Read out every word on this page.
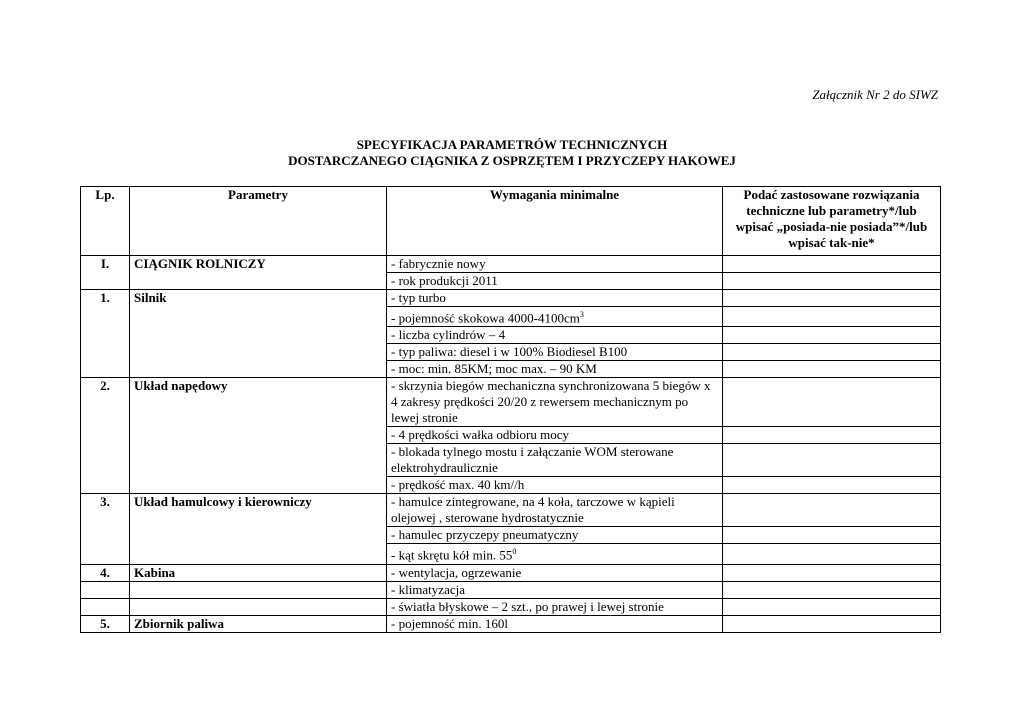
Załącznik Nr 2 do SIWZ
SPECYFIKACJA PARAMETRÓW TECHNICZNYCH
DOSTARCZANEGO CIĄGNIKA Z OSPRZĘTEM I PRZYCZEPY HAKOWEJ
Lp.	Parametry	Wymagania minimalne	Podać zastosowane rozwiązania techniczne lub parametry*/lub wpisać „posiada-nie posiada”*/lub wpisać tak-nie*
I.	CIĄGNIK ROLNICZY	- fabrycznie nowy	
		- rok produkcji 2011	
1.	Silnik	- typ turbo	
		- pojemność skokowa $4000-4100cm^3$	
		- liczba cylindrów – 4	
		- typ paliwa: diesel i w 100% Biodiesel B100	
		- moc: min. 85KM; moc max. – 90 KM	
2.	Układ napędowy	- skrzynia biegów mechaniczna synchronizowana 5 biegów x 4 zakresy prędkości 20/20 z rewersem mechanicznym po lewej stronie	
		- 4 prędkości wałka odbioru mocy	
		- blokada tylnego mostu i załączanie WOM sterowane elektrohydraulicznie	
		- prędkość max. 40 km//h	
3.	Układ hamulcowy i kierowniczy	- hamulce zintegrowane, na 4 koła, tarczowe w kąpieli olejowej , sterowane hydrostatycznie	
		- hamulec przyczepy pneumatyczny	
		- kąt skrętu kół min. $55^0$	
4.	Kabina	- wentylacja, ogrzewanie	
		- klimatyzacja	
		- światła błyskowe – 2 szt., po prawej i lewej stronie	
5.	Zbiornik paliwa	- pojemność min. 160l	
